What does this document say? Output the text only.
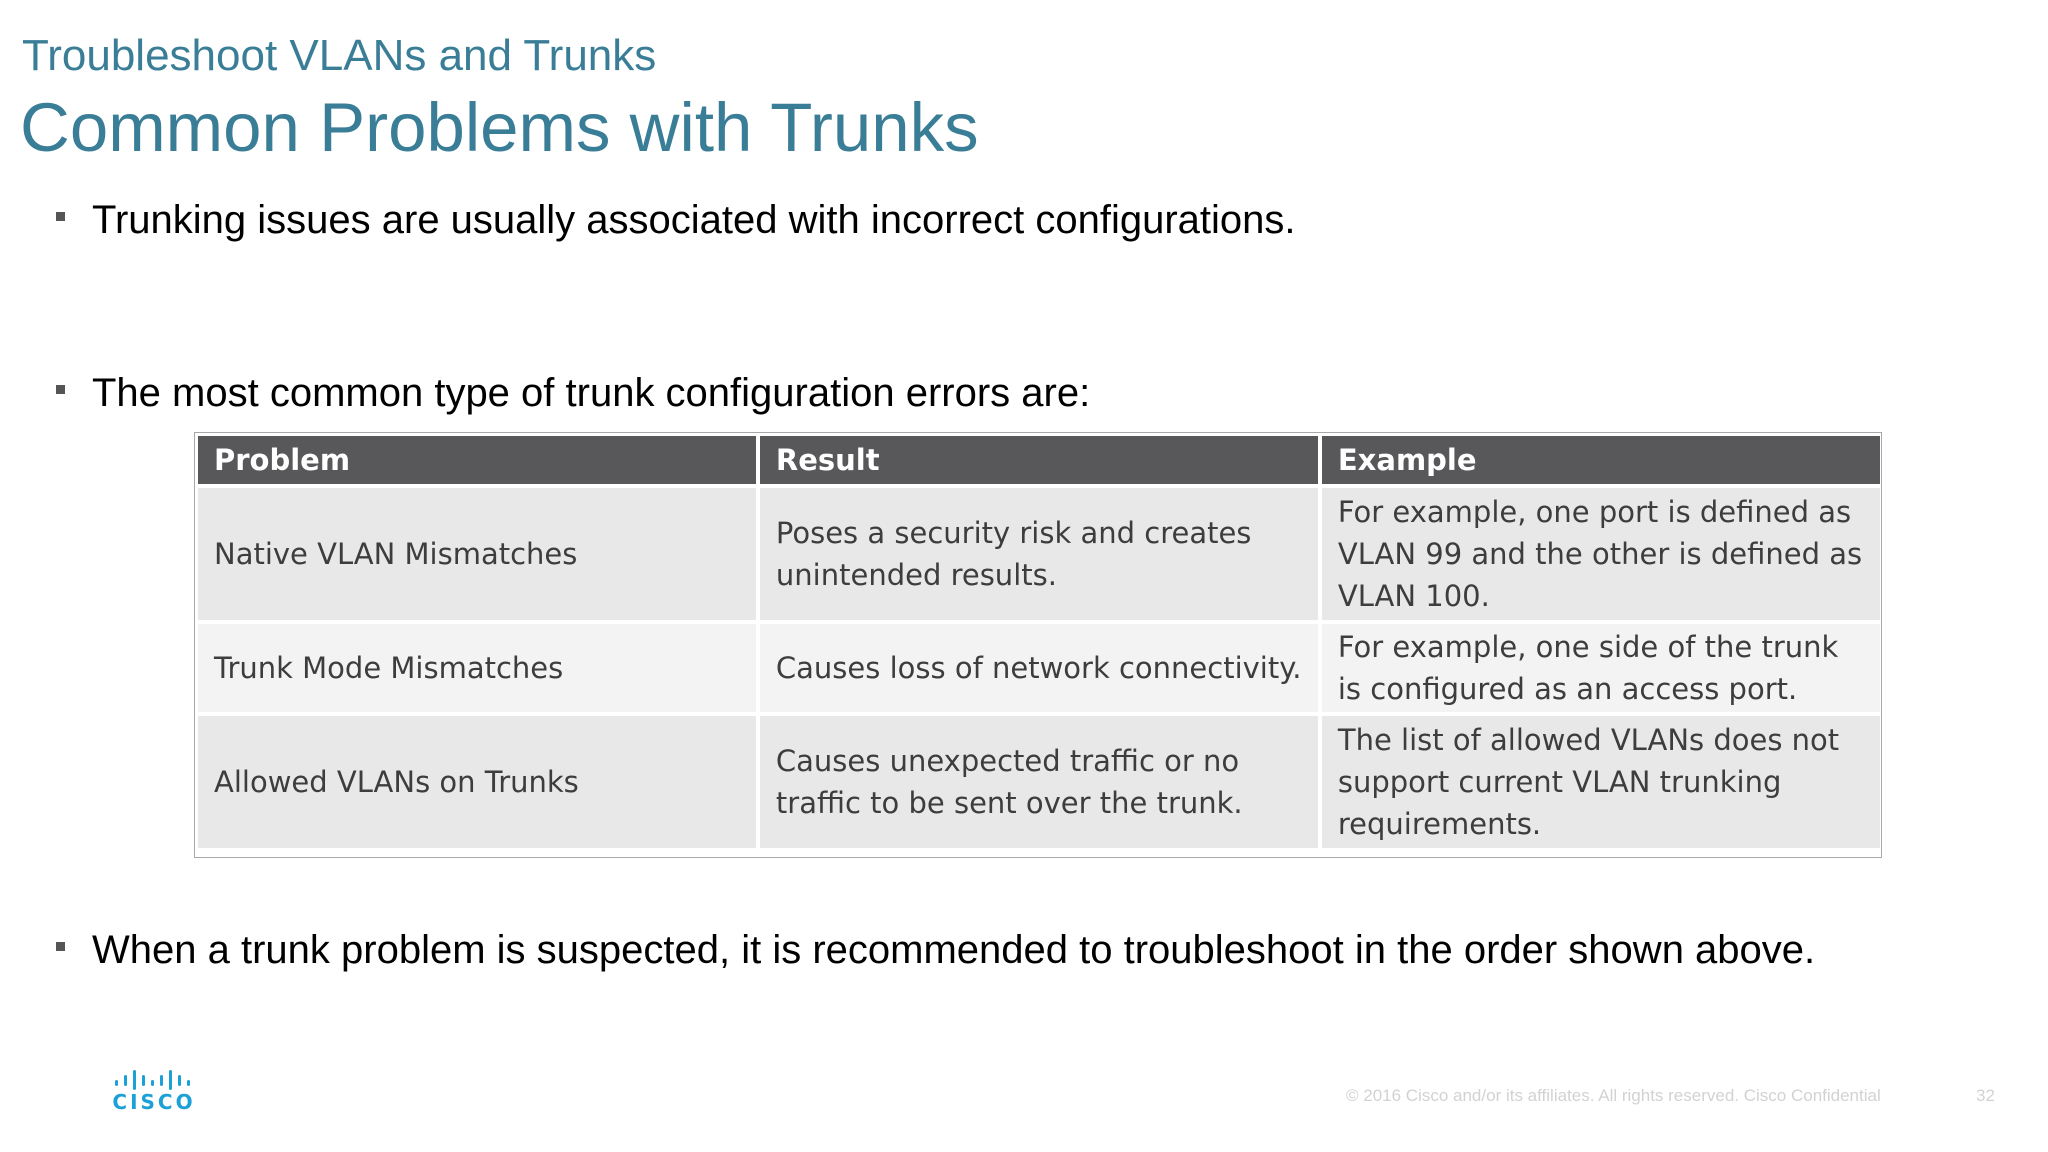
Troubleshoot VLANs and Trunks
Common Problems with Trunks
Trunking issues are usually associated with incorrect configurations.
The most common type of trunk configuration errors are:
Problem	Result	Example
Native VLAN Mismatches	Poses a security risk and creates unintended results.	For example, one port is defined as VLAN 99 and the other is defined as VLAN 100.
Trunk Mode Mismatches	Causes loss of network connectivity.	For example, one side of the trunk is configured as an access port.
Allowed VLANs on Trunks	Causes unexpected traffic or no traffic to be sent over the trunk.	The list of allowed VLANs does not support current VLAN trunking requirements.
When a trunk problem is suspected, it is recommended to troubleshoot in the order shown above.
CISCO	© 2016 Cisco and/or its affiliates. All rights reserved. Cisco Confidential	32
